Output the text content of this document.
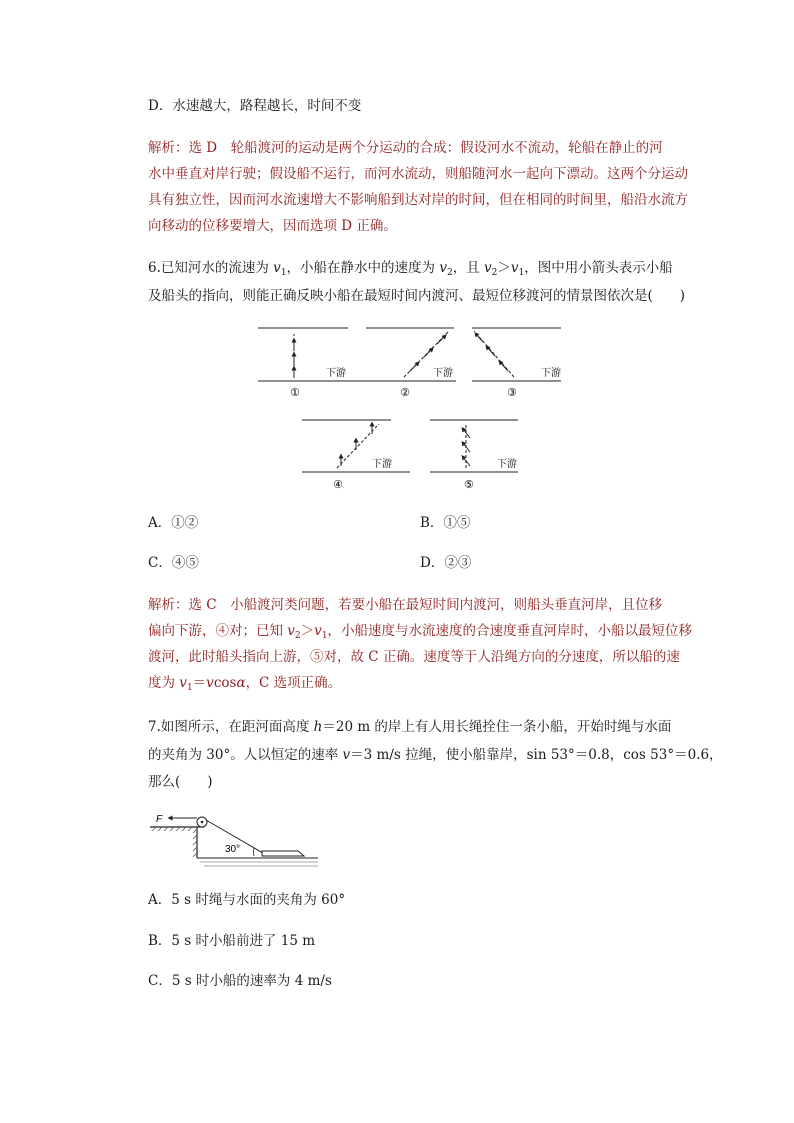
D．水速越大，路程越长，时间不变
解析：选 D　轮船渡河的运动是两个分运动的合成：假设河水不流动，轮船在静止的河
水中垂直对岸行驶；假设船不运行，而河水流动，则船随河水一起向下漂动。这两个分运动
具有独立性，因而河水流速增大不影响船到达对岸的时间，但在相同的时间里，船沿水流方
向移动的位移要增大，因而选项 D 正确。
6.已知河水的流速为 $v_1$，小船在静水中的速度为 $v_2$，且 $v_2>v_1$，图中用小箭头表示小船
及船头的指向，则能正确反映小船在最短时间内渡河、最短位移渡河的情景图依次是(　　)
下游
①
下游
②
下游
③
下游
④
下游
⑤
F
30°
A．①②	B．①⑤
C．④⑤	D．②③
解析：选 C　小船渡河类问题，若要小船在最短时间内渡河，则船头垂直河岸，且位移
偏向下游，④对；已知 $v_2>v_1$，小船速度与水流速度的合速度垂直河岸时，小船以最短位移
渡河，此时船头指向上游，⑤对，故 C 正确。速度等于人沿绳方向的分速度，所以船的速
度为 $v_1=vcos\alpha$，C 选项正确。
7.如图所示，在距河面高度 h＝20 m 的岸上有人用长绳拴住一条小船，开始时绳与水面
的夹角为 30°。人以恒定的速率 v＝3 m/s 拉绳，使小船靠岸，sin 53°＝0.8，cos 53°＝0.6，
那么(　　)
A．5 s 时绳与水面的夹角为 60°
B．5 s 时小船前进了 15 m
C．5 s 时小船的速率为 4 m/s
